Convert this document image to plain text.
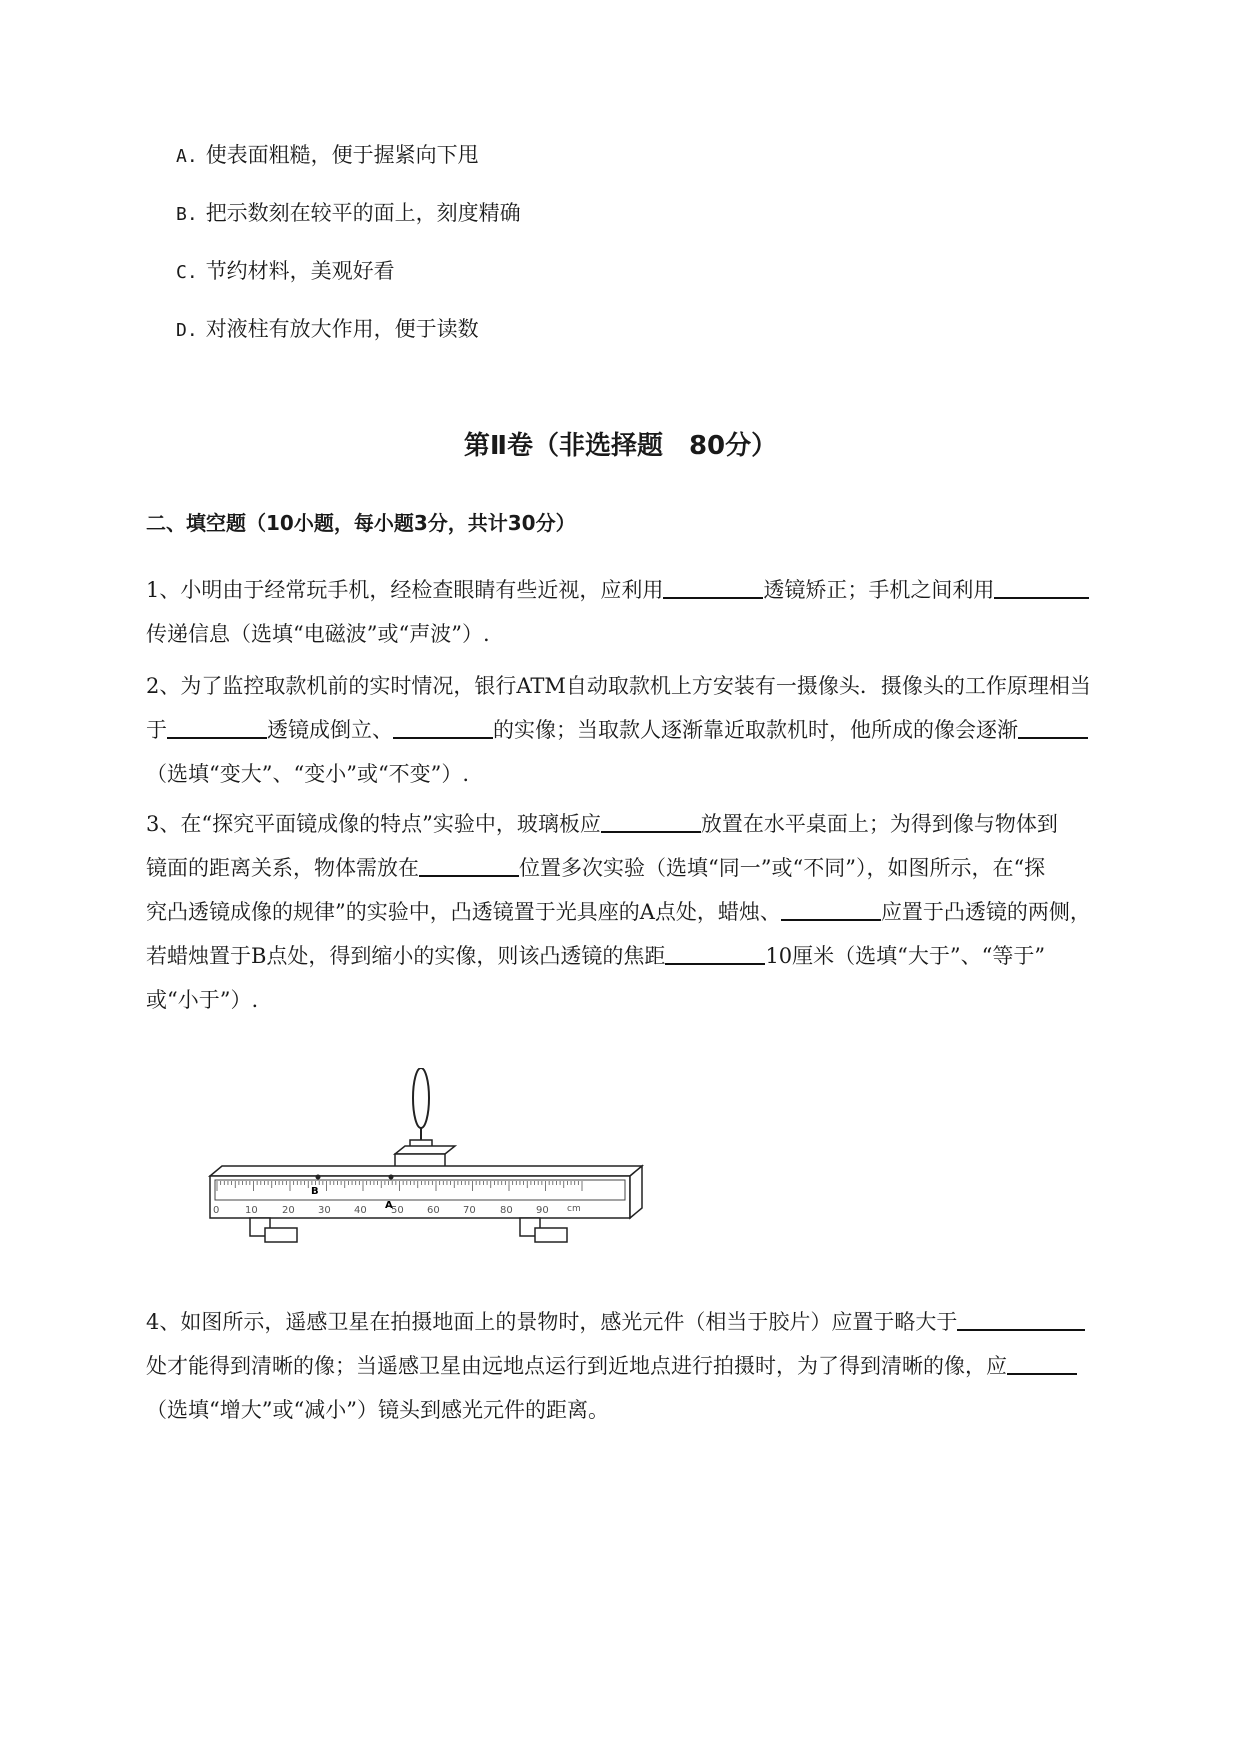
A. 使表面粗糙，便于握紧向下甩
B. 把示数刻在较平的面上，刻度精确
C. 节约材料，美观好看
D. 对液柱有放大作用，便于读数
第Ⅱ卷（非选择题　80分）
二、填空题（10小题，每小题3分，共计30分）
1、小明由于经常玩手机，经检查眼睛有些近视，应利用	透镜矫正；手机之间利用
传递信息（选填“电磁波”或“声波”）.
2、为了监控取款机前的实时情况，银行ATM自动取款机上方安装有一摄像头．摄像头的工作原理相当
于	透镜成倒立、	的实像；当取款人逐渐靠近取款机时，他所成的像会逐渐
（选填“变大”、“变小”或“不变”）.
3、在“探究平面镜成像的特点”实验中，玻璃板应	放置在水平桌面上；为得到像与物体到
镜面的距离关系，物体需放在	位置多次实验（选填“同一”或“不同”），如图所示，在“探
究凸透镜成像的规律”的实验中，凸透镜置于光具座的A点处，蜡烛、	应置于凸透镜的两侧，
若蜡烛置于B点处，得到缩小的实像，则该凸透镜的焦距	10厘米（选填“大于”、“等于”
或“小于”）.
B
A
0	10 20 30 40 50 60 70 80 90 cm
4、如图所示，遥感卫星在拍摄地面上的景物时，感光元件（相当于胶片）应置于略大于
处才能得到清晰的像；当遥感卫星由远地点运行到近地点进行拍摄时，为了得到清晰的像，应
（选填“增大”或“减小”）镜头到感光元件的距离。
